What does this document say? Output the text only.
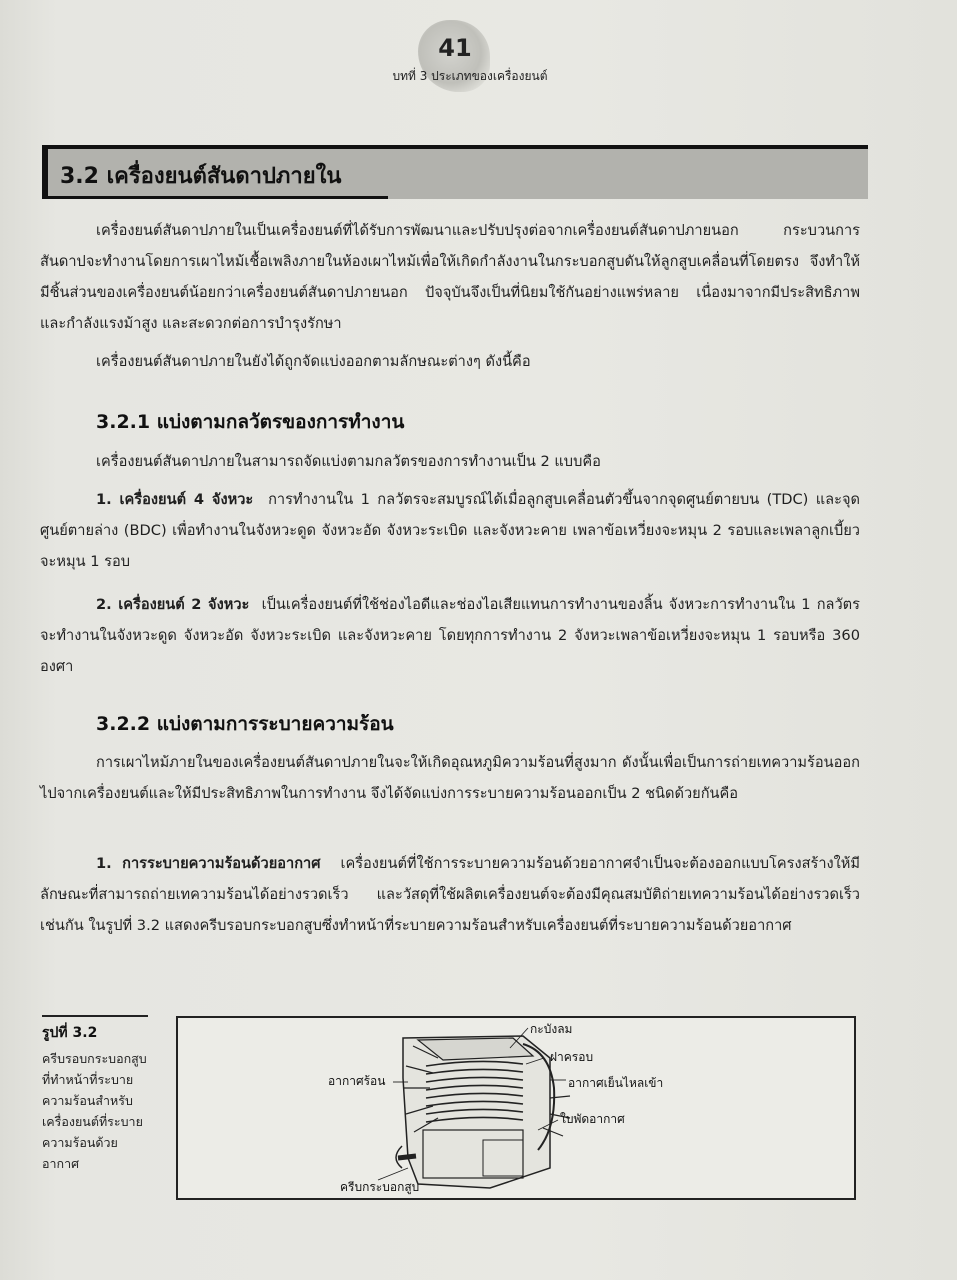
41
บทที่ 3 ประเภทของเครื่องยนต์
3.2 เครื่องยนต์สันดาปภายใน
เครื่องยนต์สันดาปภายในเป็นเครื่องยนต์ที่ได้รับการพัฒนาและปรับปรุงต่อจากเครื่องยนต์สันดาปภายนอก กระบวนการสันดาปจะทำงานโดยการเผาไหม้เชื้อเพลิงภายในห้องเผาไหม้เพื่อให้เกิดกำลังงานในกระบอกสูบดันให้ลูกสูบเคลื่อนที่โดยตรง จึงทำให้มีชิ้นส่วนของเครื่องยนต์น้อยกว่าเครื่องยนต์สันดาปภายนอก ปัจจุบันจึงเป็นที่นิยมใช้กันอย่างแพร่หลาย เนื่องมาจากมีประสิทธิภาพและกำลังแรงม้าสูง และสะดวกต่อการบำรุงรักษา
เครื่องยนต์สันดาปภายในยังได้ถูกจัดแบ่งออกตามลักษณะต่างๆ ดังนี้คือ
3.2.1 แบ่งตามกลวัตรของการทำงาน
เครื่องยนต์สันดาปภายในสามารถจัดแบ่งตามกลวัตรของการทำงานเป็น 2 แบบคือ
1. เครื่องยนต์ 4 จังหวะ การทำงานใน 1 กลวัตรจะสมบูรณ์ได้เมื่อลูกสูบเคลื่อนตัวขึ้นจากจุดศูนย์ตายบน (TDC) และจุดศูนย์ตายล่าง (BDC) เพื่อทำงานในจังหวะดูด จังหวะอัด จังหวะระเบิด และจังหวะคาย เพลาข้อเหวี่ยงจะหมุน 2 รอบและเพลาลูกเบี้ยวจะหมุน 1 รอบ
2. เครื่องยนต์ 2 จังหวะ เป็นเครื่องยนต์ที่ใช้ช่องไอดีและช่องไอเสียแทนการทำงานของลิ้น จังหวะการทำงานใน 1 กลวัตรจะทำงานในจังหวะดูด จังหวะอัด จังหวะระเบิด และจังหวะคาย โดยทุกการทำงาน 2 จังหวะเพลาข้อเหวี่ยงจะหมุน 1 รอบหรือ 360 องศา
3.2.2 แบ่งตามการระบายความร้อน
การเผาไหม้ภายในของเครื่องยนต์สันดาปภายในจะให้เกิดอุณหภูมิความร้อนที่สูงมาก ดังนั้นเพื่อเป็นการถ่ายเทความร้อนออกไปจากเครื่องยนต์และให้มีประสิทธิภาพในการทำงาน จึงได้จัดแบ่งการระบายความร้อนออกเป็น 2 ชนิดด้วยกันคือ
1. การระบายความร้อนด้วยอากาศ เครื่องยนต์ที่ใช้การระบายความร้อนด้วยอากาศจำเป็นจะต้องออกแบบโครงสร้างให้มีลักษณะที่สามารถถ่ายเทความร้อนได้อย่างรวดเร็ว และวัสดุที่ใช้ผลิตเครื่องยนต์จะต้องมีคุณสมบัติถ่ายเทความร้อนได้อย่างรวดเร็วเช่นกัน ในรูปที่ 3.2 แสดงครีบรอบกระบอกสูบซึ่งทำหน้าที่ระบายความร้อนสำหรับเครื่องยนต์ที่ระบายความร้อนด้วยอากาศ
รูปที่ 3.2
ครีบรอบกระบอกสูบที่ทำหน้าที่ระบายความร้อนสำหรับเครื่องยนต์ที่ระบายความร้อนด้วยอากาศ
กะบังลม
ฝาครอบ
อากาศร้อน	อากาศเย็นไหลเข้า
ใบพัดอากาศ
ครีบกระบอกสูบ
